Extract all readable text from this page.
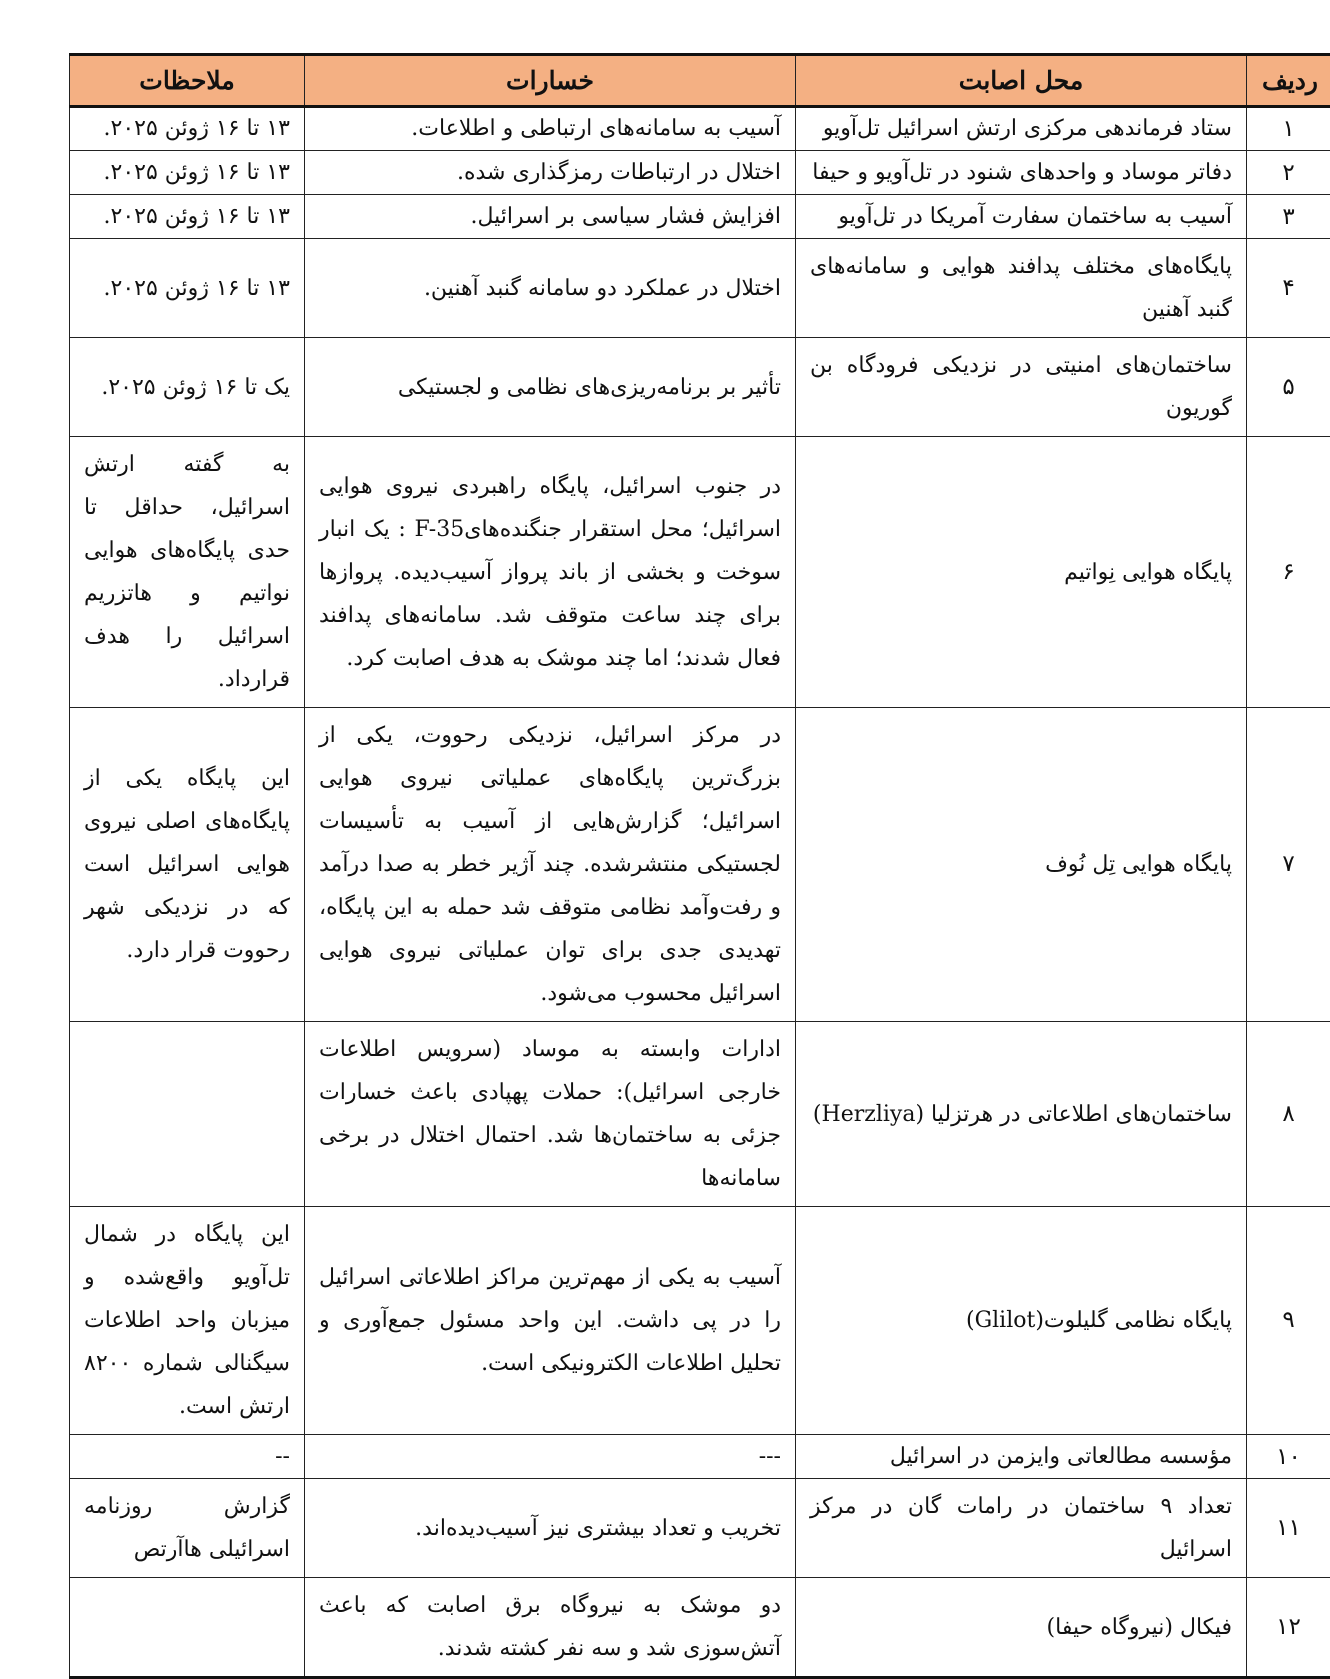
ردیف	محل اصابت	خسارات	ملاحظات
۱	ستاد فرماندهی مرکزی ارتش اسرائیل تل‌آویو	آسیب به سامانه‌های ارتباطی و اطلاعات.	۱۳ تا ۱۶ ژوئن ۲۰۲۵.
۲	دفاتر موساد و واحدهای شنود در تل‌آویو و حیفا	اختلال در ارتباطات رمزگذاری شده.	۱۳ تا ۱۶ ژوئن ۲۰۲۵.
۳	آسیب به ساختمان سفارت آمریکا در تل‌آویو	افزایش فشار سیاسی بر اسرائیل.	۱۳ تا ۱۶ ژوئن ۲۰۲۵.
۴	پایگاه‌های مختلف پدافند هوایی و سامانه‌های گنبد آهنین	اختلال در عملکرد دو سامانه گنبد آهنین.	۱۳ تا ۱۶ ژوئن ۲۰۲۵.
۵	ساختمان‌های امنیتی در نزدیکی فرودگاه بن گوریون	تأثیر بر برنامه‌ریزی‌های نظامی و لجستیکی	یک تا ۱۶ ژوئن ۲۰۲۵.
۶	پایگاه هوایی نِواتیم	در جنوب اسرائیل، پایگاه راهبردی نیروی هوایی اسرائیل؛ محل استقرار جنگنده‌هایF-35 : یک انبار سوخت و بخشی از باند پرواز آسیب‌دیده. پروازها برای چند ساعت متوقف شد. سامانه‌های پدافند فعال شدند؛ اما چند موشک به هدف اصابت کرد.	به گفته ارتش اسرائیل، حداقل تا حدی پایگاه‌های هوایی نواتیم و هاتزریم اسرائیل را هدف قرارداد.
۷	پایگاه هوایی تِل نُوف	در مرکز اسرائیل، نزدیکی رحووت، یکی از بزرگ‌ترین پایگاه‌های عملیاتی نیروی هوایی اسرائیل؛ گزارش‌هایی از آسیب به تأسیسات لجستیکی منتشرشده. چند آژیر خطر به صدا درآمد و رفت‌وآمد نظامی متوقف شد حمله به این پایگاه، تهدیدی جدی برای توان عملیاتی نیروی هوایی اسرائیل محسوب می‌شود.	این پایگاه یکی از پایگاه‌های اصلی نیروی هوایی اسرائیل است که در نزدیکی شهر رحووت قرار دارد.
۸	ساختمان‌های اطلاعاتی در هرتزلیا (Herzliya)	ادارات وابسته به موساد (سرویس اطلاعات خارجی اسرائیل): حملات پهپادی باعث خسارات جزئی به ساختمان‌ها شد. احتمال اختلال در برخی سامانه‌ها	
۹	پایگاه نظامی گلیلوت(Glilot)	آسیب به یکی از مهم‌ترین مراکز اطلاعاتی اسرائیل را در پی داشت. این واحد مسئول جمع‌آوری و تحلیل اطلاعات الکترونیکی است.	این پایگاه در شمال تل‌آویو واقع‌شده و میزبان واحد اطلاعات سیگنالی شماره ۸۲۰۰ ارتش است.
۱۰	مؤسسه مطالعاتی وایزمن در اسرائیل	---	--
۱۱	تعداد ۹ ساختمان در رامات گان در مرکز اسرائیل	تخریب و تعداد بیشتری نیز آسیب‌دیده‌اند.	گزارش روزنامه اسرائیلی هاآرتص
۱۲	فیکال (نیروگاه حیفا)	دو موشک به نیروگاه برق اصابت که باعث آتش‌سوزی شد و سه نفر کشته شدند.	
